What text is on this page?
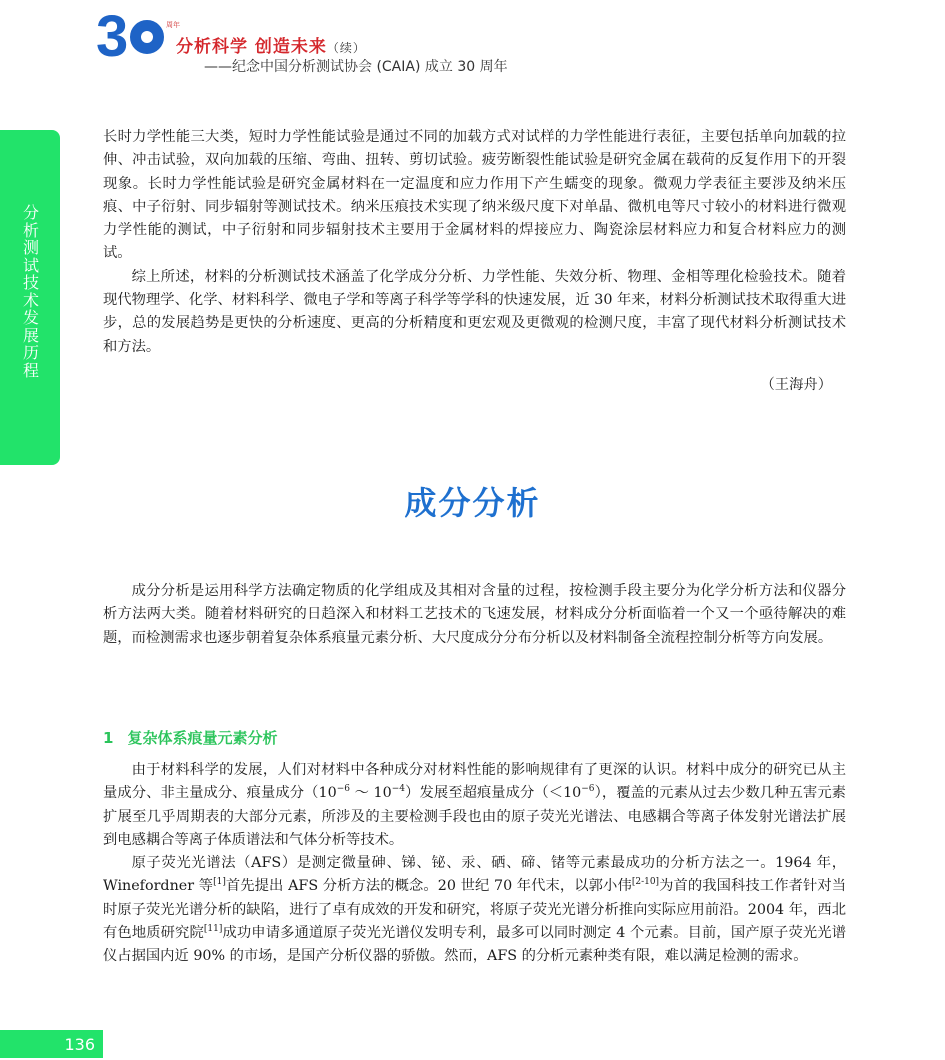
3	周年
分析科学 创造未来（续）
——纪念中国分析测试协会 (CAIA) 成立 30 周年
分析测试技术发展历程

长时力学性能三大类，短时力学性能试验是通过不同的加载方式对试样的力学性能进行表征，主要包括单向加载的拉伸、冲击试验，双向加载的压缩、弯曲、扭转、剪切试验。疲劳断裂性能试验是研究金属在载荷的反复作用下的开裂现象。长时力学性能试验是研究金属材料在一定温度和应力作用下产生蠕变的现象。微观力学表征主要涉及纳米压痕、中子衍射、同步辐射等测试技术。纳米压痕技术实现了纳米级尺度下对单晶、微机电等尺寸较小的材料进行微观力学性能的测试，中子衍射和同步辐射技术主要用于金属材料的焊接应力、陶瓷涂层材料应力和复合材料应力的测试。

综上所述，材料的分析测试技术涵盖了化学成分分析、力学性能、失效分析、物理、金相等理化检验技术。随着现代物理学、化学、材料科学、微电子学和等离子科学等学科的快速发展，近 30 年来，材料分析测试技术取得重大进步，总的发展趋势是更快的分析速度、更高的分析精度和更宏观及更微观的检测尺度，丰富了现代材料分析测试技术和方法。

（王海舟）
成分分析

成分分析是运用科学方法确定物质的化学组成及其相对含量的过程，按检测手段主要分为化学分析方法和仪器分析方法两大类。随着材料研究的日趋深入和材料工艺技术的飞速发展，材料成分分析面临着一个又一个亟待解决的难题，而检测需求也逐步朝着复杂体系痕量元素分析、大尺度成分分布分析以及材料制备全流程控制分析等方向发展。

1 复杂体系痕量元素分析

由于材料科学的发展，人们对材料中各种成分对材料性能的影响规律有了更深的认识。材料中成分的研究已从主量成分、非主量成分、痕量成分（$10^{-6}$ ～ $10^{-4}$）发展至超痕量成分$(<10^{-6})$，覆盖的元素从过去少数几种五害元素扩展至几乎周期表的大部分元素，所涉及的主要检测手段也由的原子荧光光谱法、电感耦合等离子体发射光谱法扩展到电感耦合等离子体质谱法和气体分析等技术。

原子荧光光谱法（AFS）是测定微量砷、锑、铋、汞、硒、碲、锗等元素最成功的分析方法之一。1964 年，Winefordner 等[1]首先提出 AFS 分析方法的概念。20 世纪 70 年代末，以郭小伟[2-10]为首的我国科技工作者针对当时原子荧光光谱分析的缺陷，进行了卓有成效的开发和研究，将原子荧光光谱分析推向实际应用前沿。2004 年，西北有色地质研究院[11]成功申请多通道原子荧光光谱仪发明专利，最多可以同时测定 4 个元素。目前，国产原子荧光光谱仪占据国内近 90% 的市场，是国产分析仪器的骄傲。然而，AFS 的分析元素种类有限，难以满足检测的需求。

136
